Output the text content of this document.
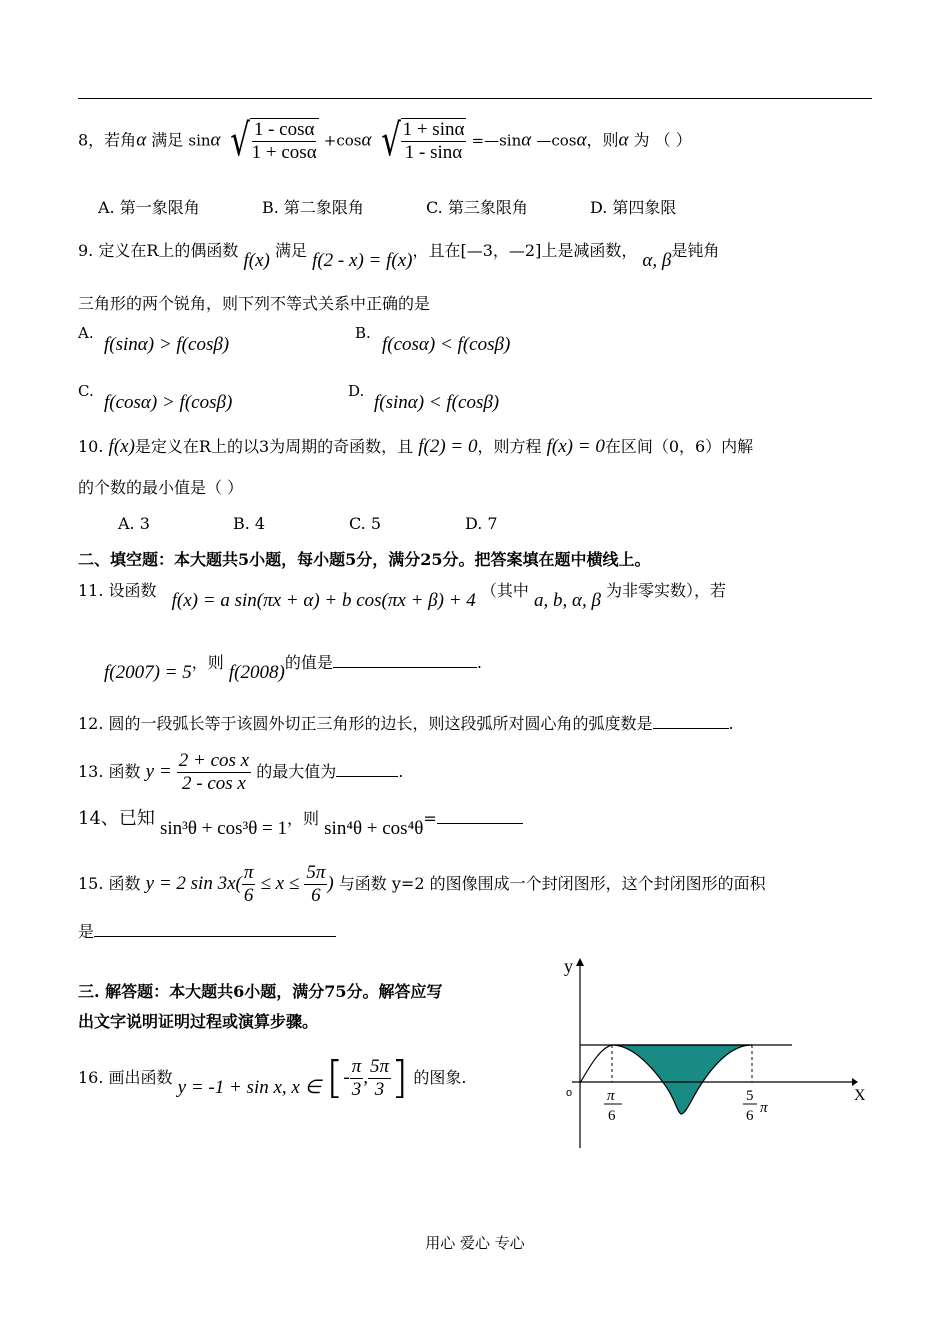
8，若角α 满足 sinα √ $\frac{1 - \cos\alpha}{1 + \cos\alpha} +\cos\alpha$ √ $\frac{1 + \sin\alpha}{1 - \sin\alpha}$ =—sinα —cosα，则α 为 （ ）
A. 第一象限角	B. 第二象限角	C. 第三象限角	D. 第四象限
9. 定义在R上的偶函数 f(x) 满足 f(2 - x) = f(x)，且在[—3，—2]上是减函数， α, β是钝角
三角形的两个锐角，则下列不等式关系中正确的是
A.
f(sinα) > f(cosβ)
B.
f(cosα) < f(cosβ)
C.
f(cosα) > f(cosβ)
D.
f(sinα) < f(cosβ)
10. f(x)是定义在R上的以3为周期的奇函数，且 f(2) = 0，则方程 f(x) = 0在区间（0，6）内解
的个数的最小值是（ ）
A. 3	B. 4	C. 5	D. 7
二、填空题：本大题共5小题，每小题5分，满分25分。把答案填在题中横线上。
11. 设函数 f(x) = a sin(πx + α) + b cos(πx + β) + 4 （其中 a, b, α, β 为非零实数），若
f(2007) = 5，则 f(2008)的值是	.
12. 圆的一段弧长等于该圆外切正三角形的边长，则这段弧所对圆心角的弧度数是	.
13. 函数 $y = \frac{\text{2 + cos x}}{\text{2 - cos x}}$ 的最大值为	.
14、已知 sin³θ + cos³θ = 1，则 sin⁴θ + cos⁴θ=
15. 函数 y = 2 $\sin 3x( \frac{\pi}{6} \le x \le \frac{5\pi}{6}$ ) 与函数 y=2 的图像围成一个封闭图形，这个封闭图形的面积
是
三. 解答题：本大题共6小题，满分75分。解答应写
出文字说明证明过程或演算步骤。
16. 画出函数 y = -1 + sin x, x ∈ [- $\frac{\pi}{3}$ , $\frac{5\pi}{3}$ ] 的图象.
y
X
o π
6
5
6 π
用心 爱心 专心
